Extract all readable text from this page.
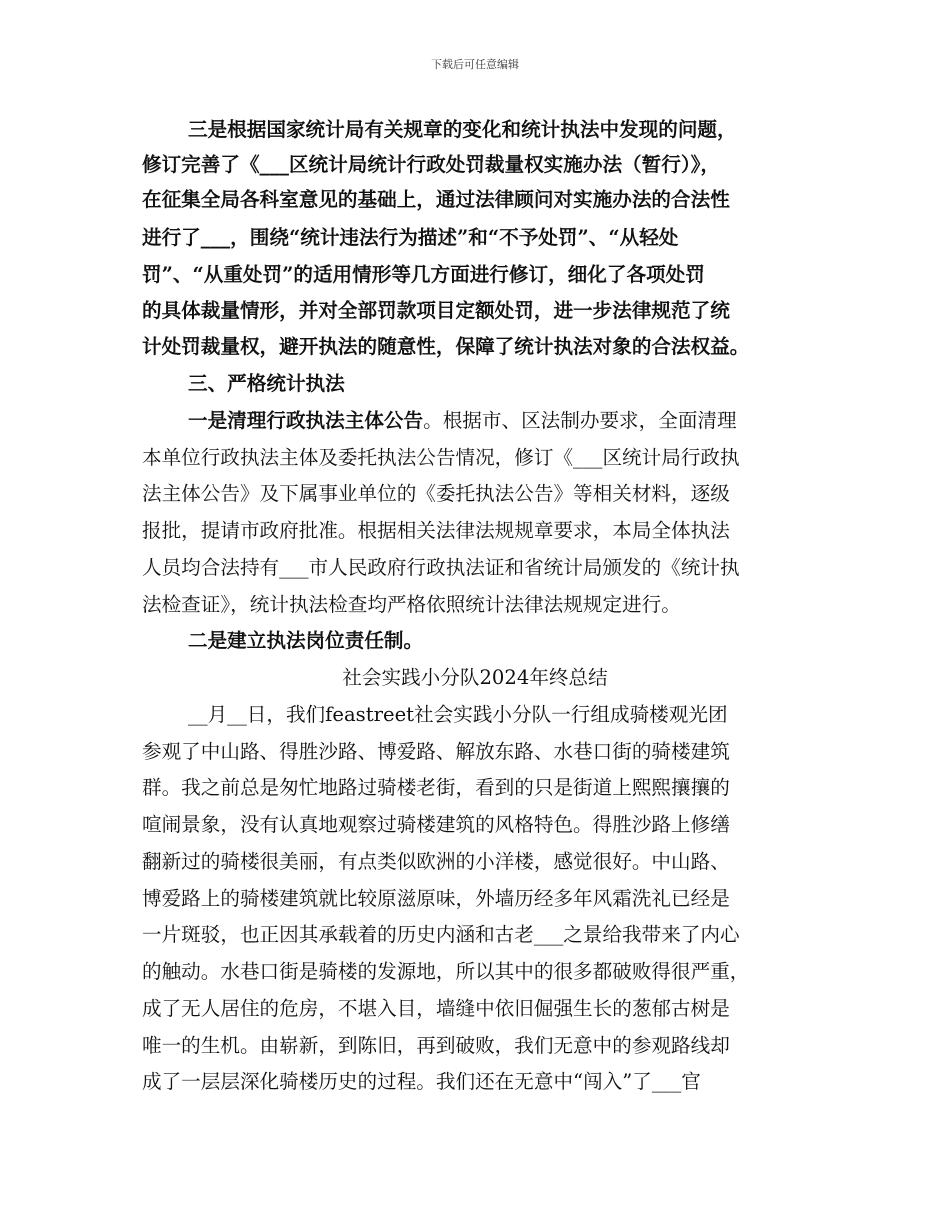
下载后可任意编辑
三是根据国家统计局有关规章的变化和统计执法中发现的问题，
修订完善了《___区统计局统计行政处罚裁量权实施办法（暂行）》，
在征集全局各科室意见的基础上，通过法律顾问对实施办法的合法性
进行了___，围绕“统计违法行为描述”和“不予处罚”、“从轻处
罚”、“从重处罚”的适用情形等几方面进行修订，细化了各项处罚
的具体裁量情形，并对全部罚款项目定额处罚，进一步法律规范了统
计处罚裁量权，避开执法的随意性，保障了统计执法对象的合法权益。
三、严格统计执法
一是清理行政执法主体公告。根据市、区法制办要求，全面清理
本单位行政执法主体及委托执法公告情况，修订《___区统计局行政执
法主体公告》及下属事业单位的《委托执法公告》等相关材料，逐级
报批，提请市政府批准。根据相关法律法规规章要求，本局全体执法
人员均合法持有___市人民政府行政执法证和省统计局颁发的《统计执
法检查证》，统计执法检查均严格依照统计法律法规规定进行。
二是建立执法岗位责任制。
社会实践小分队2024年终总结
__月__日，我们feastreet社会实践小分队一行组成骑楼观光团
参观了中山路、得胜沙路、博爱路、解放东路、水巷口街的骑楼建筑
群。我之前总是匆忙地路过骑楼老街，看到的只是街道上熙熙攘攘的
喧闹景象，没有认真地观察过骑楼建筑的风格特色。得胜沙路上修缮
翻新过的骑楼很美丽，有点类似欧洲的小洋楼，感觉很好。中山路、
博爱路上的骑楼建筑就比较原滋原味，外墙历经多年风霜洗礼已经是
一片斑驳，也正因其承载着的历史内涵和古老___之景给我带来了内心
的触动。水巷口街是骑楼的发源地，所以其中的很多都破败得很严重，
成了无人居住的危房，不堪入目，墙缝中依旧倔强生长的葱郁古树是
唯一的生机。由崭新，到陈旧，再到破败，我们无意中的参观路线却
成了一层层深化骑楼历史的过程。我们还在无意中“闯入”了___官
